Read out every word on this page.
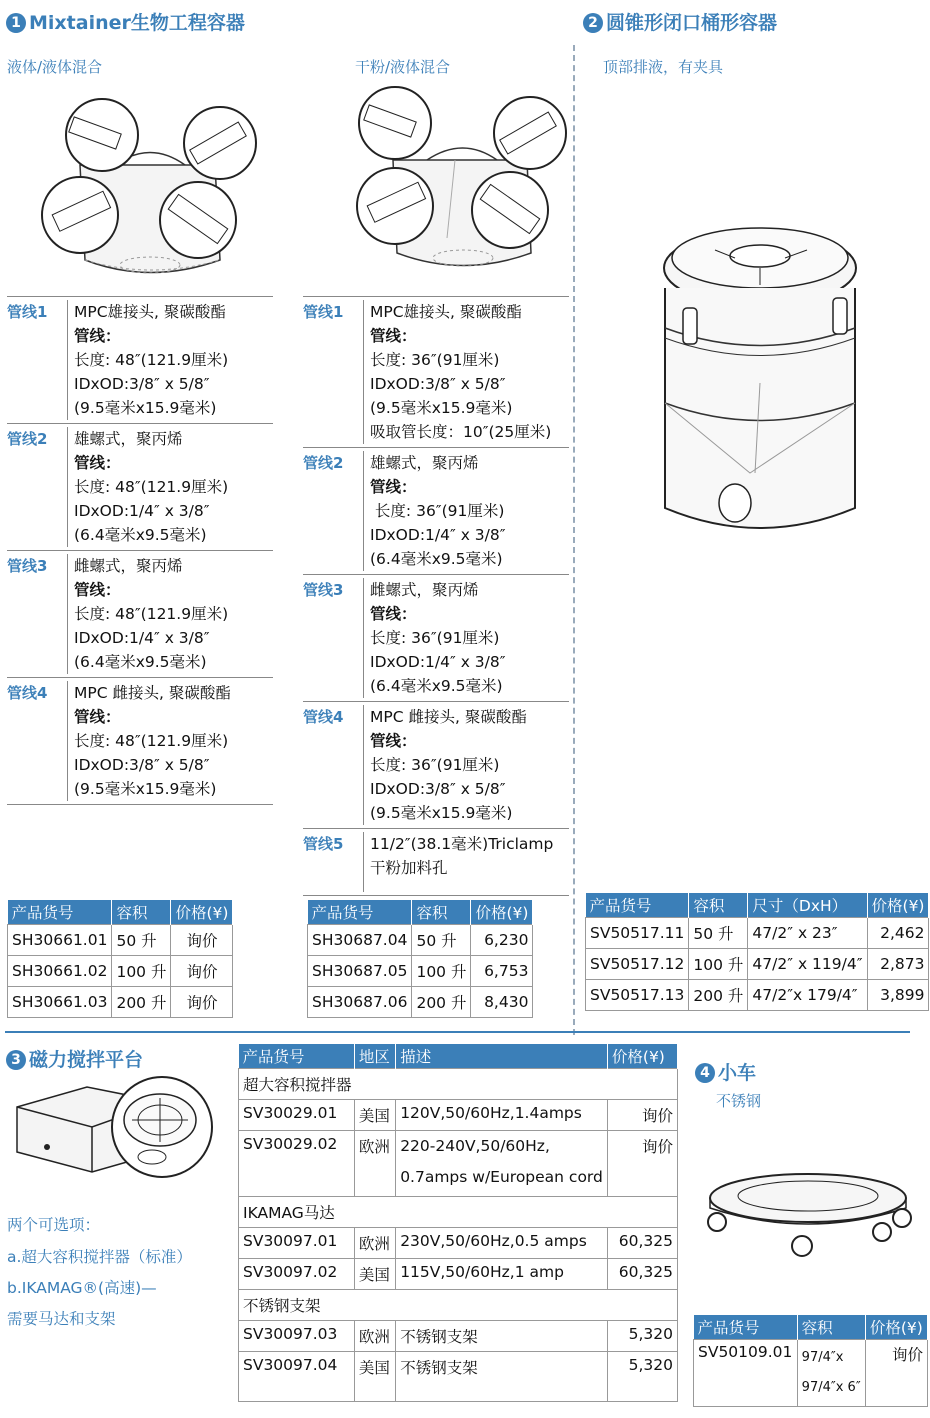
1 Mixtainer生物工程容器
液体/液体混合	干粉/液体混合
管线1	MPC雄接头, 聚碳酸酯
管线：
长度: 48″(121.9厘米)
IDxOD:3/8″ x 5/8″
(9.5毫米x15.9毫米)
管线2	雄螺式，聚丙烯
管线：
长度: 48″(121.9厘米)
IDxOD:1/4″ x 3/8″
(6.4毫米x9.5毫米)
管线3	雌螺式，聚丙烯
管线：
长度: 48″(121.9厘米)
IDxOD:1/4″ x 3/8″
(6.4毫米x9.5毫米)
管线4	MPC 雌接头, 聚碳酸酯
管线：
长度: 48″(121.9厘米)
IDxOD:3/8″ x 5/8″
(9.5毫米x15.9毫米)
管线1	MPC雄接头, 聚碳酸酯
管线：
长度: 36″(91厘米)
IDxOD:3/8″ x 5/8″
(9.5毫米x15.9毫米)
吸取管长度：10″(25厘米)
管线2	雄螺式，聚丙烯
管线：
长度: 36″(91厘米)
IDxOD:1/4″ x 3/8″
(6.4毫米x9.5毫米)
管线3	雌螺式，聚丙烯
管线：
长度: 36″(91厘米)
IDxOD:1/4″ x 3/8″
(6.4毫米x9.5毫米)
管线4	MPC 雌接头, 聚碳酸酯
管线：
长度: 36″(91厘米)
IDxOD:3/8″ x 5/8″
(9.5毫米x15.9毫米)
管线5	11/2″(38.1毫米)Triclamp
干粉加料孔
产品货号	容积	价格(¥)
SH30661.01	50 升	询价
SH30661.02	100 升	询价
SH30661.03	200 升	询价
产品货号	容积	价格(¥)
SH30687.04	50 升	6,230
SH30687.05	100 升	6,753
SH30687.06	200 升	8,430
2 圆锥形闭口桶形容器
顶部排液，有夹具
产品货号	容积	尺寸（DxH）	价格(¥)
SV50517.11	50 升	47/2″ x 23″	2,462
SV50517.12	100 升	47/2″ x 119/4″	2,873
SV50517.13	200 升	47/2″x 179/4″	3,899
3 磁力搅拌平台
两个可选项：
a.超大容积搅拌器（标准）
b.IKAMAG®(高速)—
需要马达和支架
产品货号	地区	描述	价格(¥)
超大容积搅拌器			
SV30029.01	美国	120V,50/60Hz,1.4amps	询价
SV30029.02	欧洲	220-240V,50/60Hz,
0.7amps w/European cord	询价
IKAMAG马达			
SV30097.01	欧洲	230V,50/60Hz,0.5 amps	60,325
SV30097.02	美国	115V,50/60Hz,1 amp	60,325
不锈钢支架			
SV30097.03	欧洲	不锈钢支架	5,320
SV30097.04	美国	不锈钢支架	5,320
4 小车
不锈钢
产品货号	容积	价格(¥)
SV50109.01	97/4″x
97/4″x 6″	询价
